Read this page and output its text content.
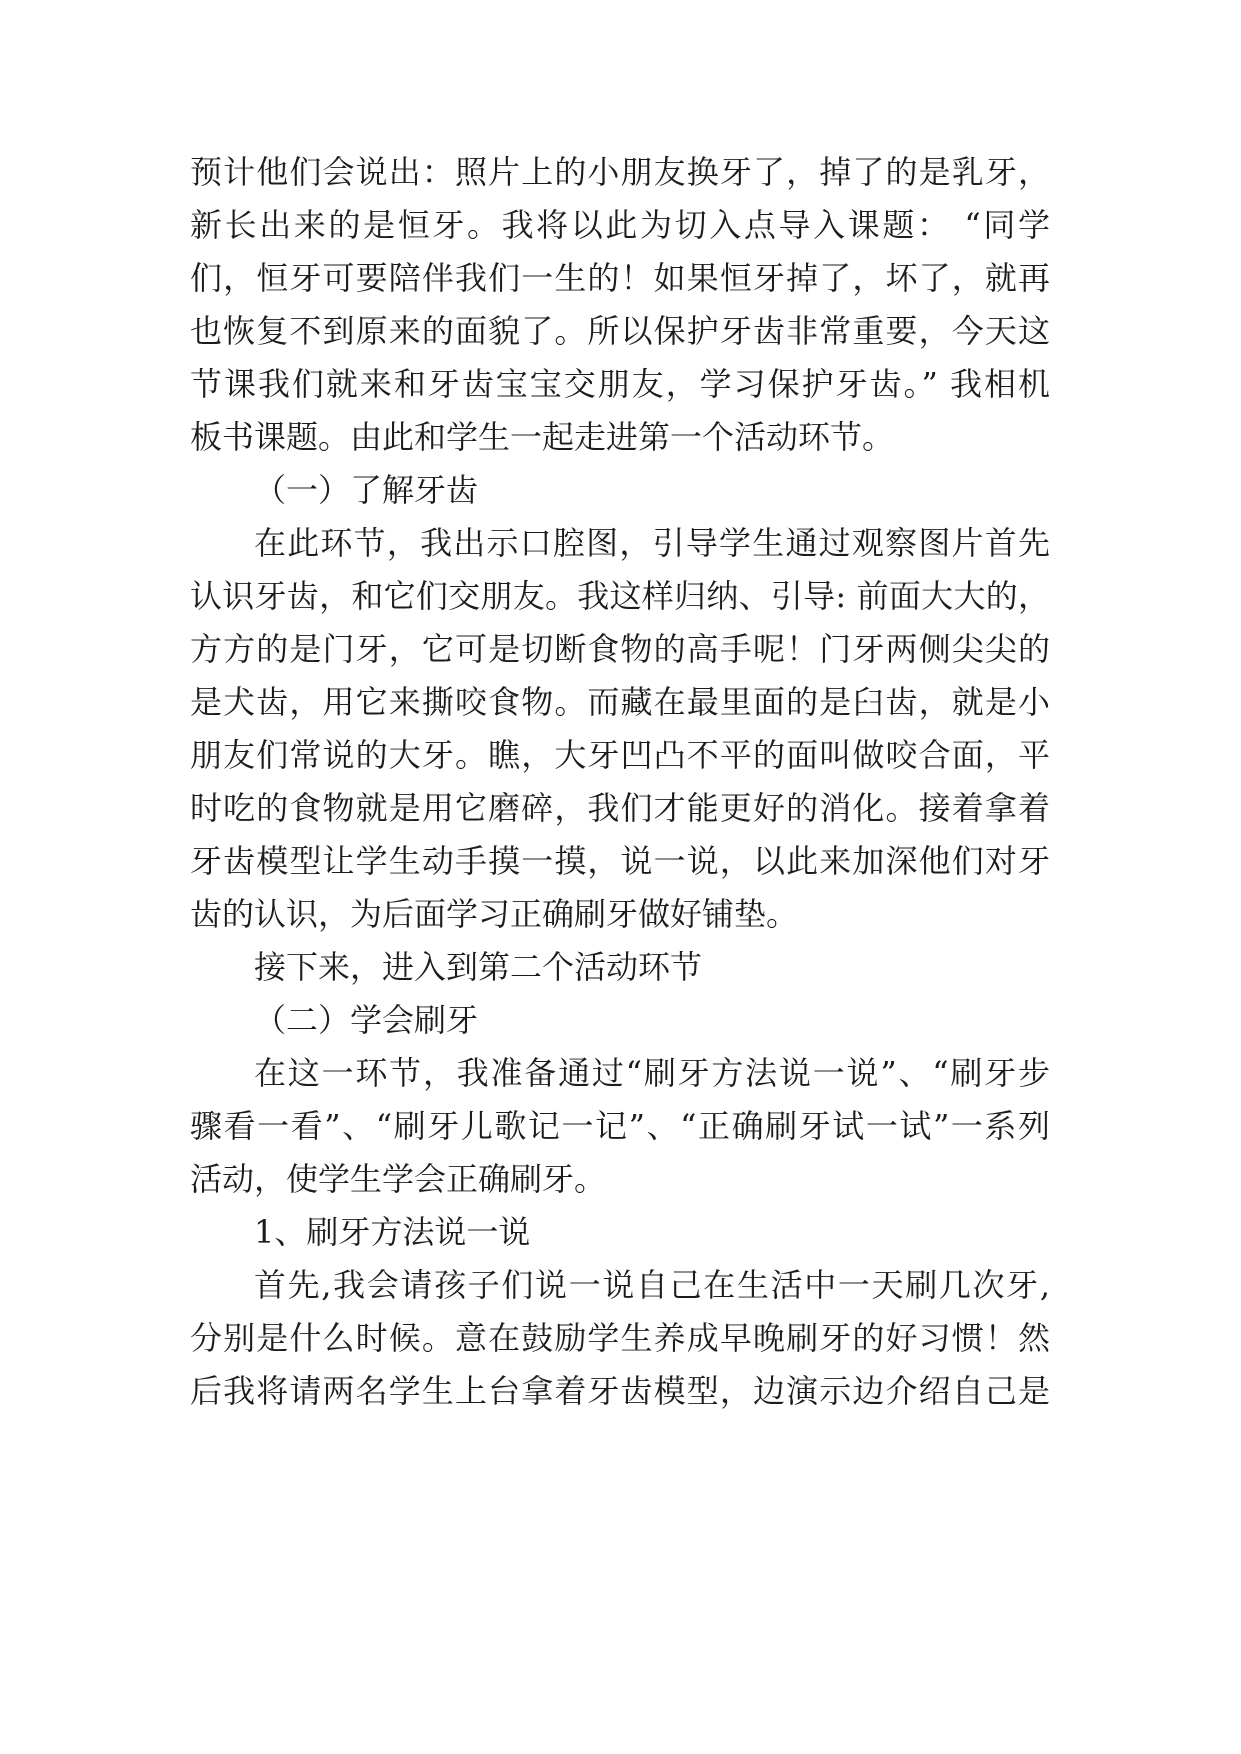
预计他们会说出：照片上的小朋友换牙了，掉了的是乳牙，
新长出来的是恒牙。我将以此为切入点导入课题： “同学
们，恒牙可要陪伴我们一生的！如果恒牙掉了，坏了，就再
也恢复不到原来的面貌了。所以保护牙齿非常重要，今天这
节课我们就来和牙齿宝宝交朋友，学习保护牙齿。” 我相机
板书课题。由此和学生一起走进第一个活动环节。
（一）了解牙齿
在此环节，我出示口腔图，引导学生通过观察图片首先
认识牙齿，和它们交朋友。我这样归纳、引导: 前面大大的，
方方的是门牙，它可是切断食物的高手呢！门牙两侧尖尖的
是犬齿，用它来撕咬食物。而藏在最里面的是臼齿，就是小
朋友们常说的大牙。瞧，大牙凹凸不平的面叫做咬合面，平
时吃的食物就是用它磨碎，我们才能更好的消化。接着拿着
牙齿模型让学生动手摸一摸，说一说，以此来加深他们对牙
齿的认识，为后面学习正确刷牙做好铺垫。
接下来，进入到第二个活动环节
（二）学会刷牙
在这一环节，我准备通过“刷牙方法说一说”、“刷牙步
骤看一看”、“刷牙儿歌记一记”、“正确刷牙试一试”一系列
活动，使学生学会正确刷牙。
1、刷牙方法说一说
首先,我会请孩子们说一说自己在生活中一天刷几次牙,
分别是什么时候。意在鼓励学生养成早晚刷牙的好习惯！然
后我将请两名学生上台拿着牙齿模型，边演示边介绍自己是
